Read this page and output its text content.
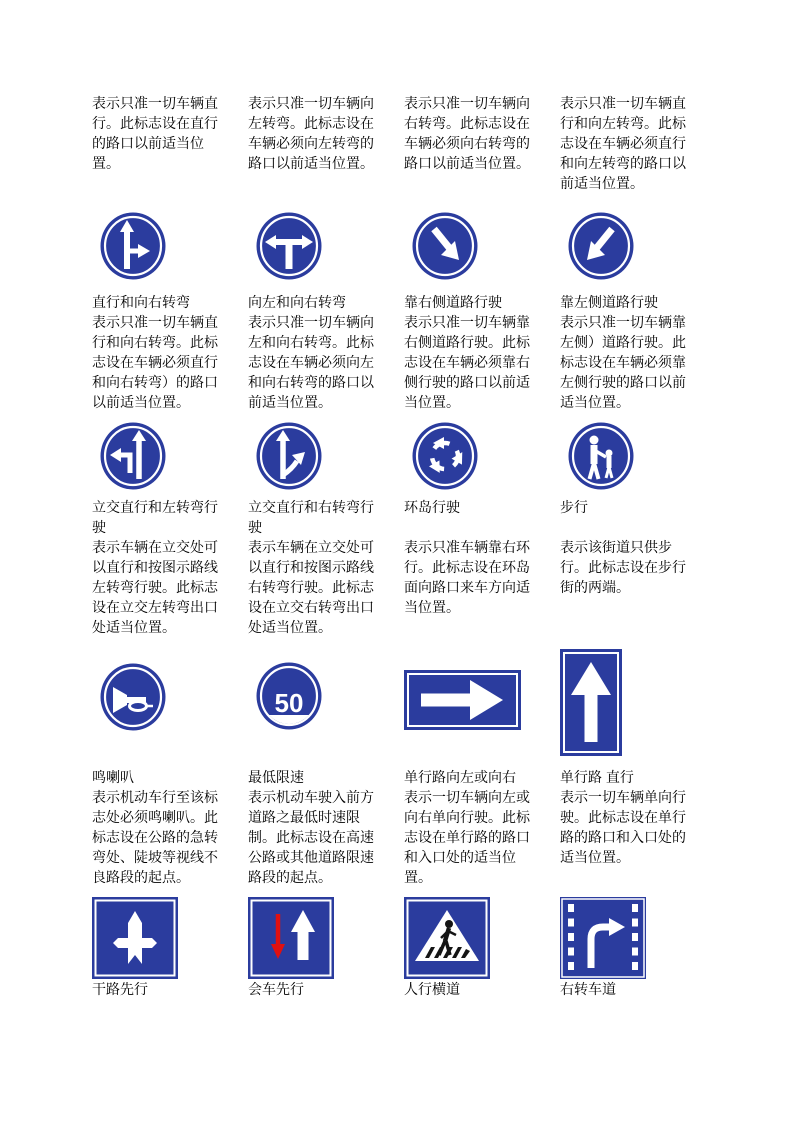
表示只准一切车辆直行。此标志设在直行的路口以前适当位置。
表示只准一切车辆向左转弯。此标志设在车辆必须向左转弯的路口以前适当位置。
表示只准一切车辆向右转弯。此标志设在车辆必须向右转弯的路口以前适当位置。
表示只准一切车辆直行和向左转弯。此标志设在车辆必须直行和向左转弯的路口以前适当位置。
直行和向右转弯
表示只准一切车辆直行和向右转弯。此标志设在车辆必须直行和向右转弯）的路口以前适当位置。
向左和向右转弯
表示只准一切车辆向左和向右转弯。此标志设在车辆必须向左和向右转弯的路口以前适当位置。
靠右侧道路行驶
表示只准一切车辆靠右侧道路行驶。此标志设在车辆必须靠右侧行驶的路口以前适当位置。
靠左侧道路行驶
表示只准一切车辆靠左侧）道路行驶。此标志设在车辆必须靠左侧行驶的路口以前适当位置。
立交直行和左转弯行驶
表示车辆在立交处可以直行和按图示路线左转弯行驶。此标志设在立交左转弯出口处适当位置。
立交直行和右转弯行驶
表示车辆在立交处可以直行和按图示路线右转弯行驶。此标志设在立交右转弯出口处适当位置。
环岛行驶
表示只准车辆靠右环行。此标志设在环岛面向路口来车方向适当位置。
步行
表示该街道只供步行。此标志设在步行街的两端。
50
鸣喇叭
表示机动车行至该标志处必须鸣喇叭。此标志设在公路的急转弯处、陡坡等视线不良路段的起点。
最低限速
表示机动车驶入前方道路之最低时速限制。此标志设在高速公路或其他道路限速路段的起点。
单行路向左或向右
表示一切车辆向左或向右单向行驶。此标志设在单行路的路口和入口处的适当位置。
单行路 直行
表示一切车辆单向行驶。此标志设在单行路的路口和入口处的适当位置。
干路先行	会车先行	人行横道	右转车道
